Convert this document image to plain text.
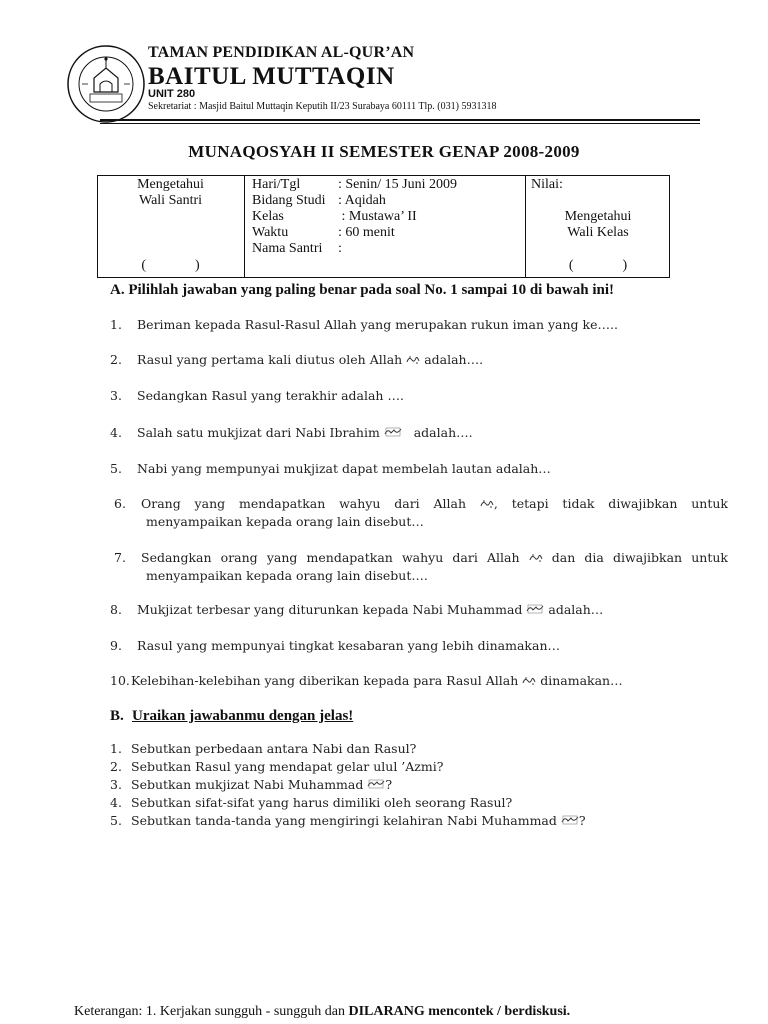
TAMAN PENDIDIKAN AL-QUR’AN
BAITUL MUTTAQIN
UNIT 280
Sekretariat : Masjid Baitul Muttaqin Keputih II/23 Surabaya 60111 Tlp. (031) 5931318
MUNAQOSYAH II SEMESTER GENAP 2008-2009
Mengetahui
Wali Santri
(              )
Hari/Tgl	: Senin/ 15 Juni 2009
Bidang Studi : Aqidah
Kelas	: Mustawa’ II
Waktu	: 60 menit
Nama Santri	:
Nilai:
Mengetahui
Wali Kelas
(              )
A. Pilihlah jawaban yang paling benar pada soal No. 1 sampai 10 di bawah ini!
1. Beriman kepada Rasul-Rasul Allah yang merupakan rukun iman yang ke…..
2. Rasul yang pertama kali diutus oleh Allah  adalah….
3. Sedangkan Rasul yang terakhir adalah ….
4. Salah satu mukjizat dari Nabi Ibrahim    adalah….
5. Nabi yang mempunyai mukjizat dapat membelah lautan adalah…
6. Orang yang mendapatkan wahyu dari Allah , tetapi tidak diwajibkan untuk menyampaikan kepada orang lain disebut…
7. Sedangkan orang yang mendapatkan wahyu dari Allah  dan dia diwajibkan untuk menyampaikan kepada orang lain disebut….
8. Mukjizat terbesar yang diturunkan kepada Nabi Muhammad  adalah…
9. Rasul yang mempunyai tingkat kesabaran yang lebih dinamakan…
10.Kelebihan-kelebihan yang diberikan kepada para Rasul Allah  dinamakan…
B. Uraikan jawabanmu dengan jelas!
1. Sebutkan perbedaan antara Nabi dan Rasul?
2. Sebutkan Rasul yang mendapat gelar ulul ’Azmi?
3. Sebutkan mukjizat Nabi Muhammad ?
4. Sebutkan sifat-sifat yang harus dimiliki oleh seorang Rasul?
5. Sebutkan tanda-tanda yang mengiringi kelahiran Nabi Muhammad ?
Keterangan: 1. Kerjakan sungguh - sungguh dan DILARANG mencontek / berdiskusi.
